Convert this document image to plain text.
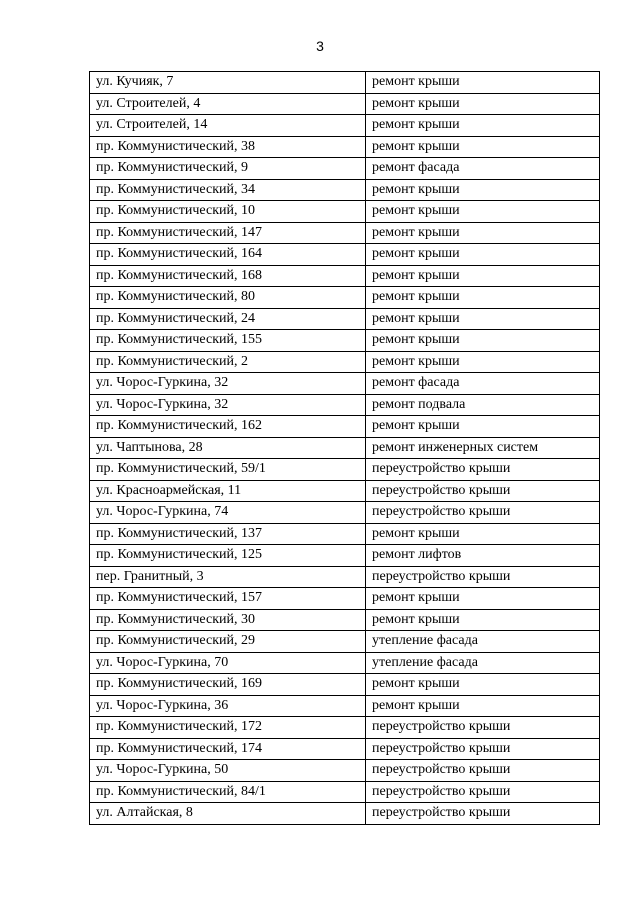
3
ул. Кучияк, 7	ремонт крыши
ул. Строителей, 4	ремонт крыши
ул. Строителей, 14	ремонт крыши
пр. Коммунистический, 38	ремонт крыши
пр. Коммунистический, 9	ремонт фасада
пр. Коммунистический, 34	ремонт крыши
пр. Коммунистический, 10	ремонт крыши
пр. Коммунистический, 147	ремонт крыши
пр. Коммунистический, 164	ремонт крыши
пр. Коммунистический, 168	ремонт крыши
пр. Коммунистический, 80	ремонт крыши
пр. Коммунистический, 24	ремонт крыши
пр. Коммунистический, 155	ремонт крыши
пр. Коммунистический, 2	ремонт крыши
ул. Чорос-Гуркина, 32	ремонт фасада
ул. Чорос-Гуркина, 32	ремонт подвала
пр. Коммунистический, 162	ремонт крыши
ул. Чаптынова, 28	ремонт инженерных систем
пр. Коммунистический, 59/1	переустройство крыши
ул. Красноармейская, 11	переустройство крыши
ул. Чорос-Гуркина, 74	переустройство крыши
пр. Коммунистический, 137	ремонт крыши
пр. Коммунистический, 125	ремонт лифтов
пер. Гранитный, 3	переустройство крыши
пр. Коммунистический, 157	ремонт крыши
пр. Коммунистический, 30	ремонт крыши
пр. Коммунистический, 29	утепление фасада
ул. Чорос-Гуркина, 70	утепление фасада
пр. Коммунистический, 169	ремонт крыши
ул. Чорос-Гуркина, 36	ремонт крыши
пр. Коммунистический, 172	переустройство крыши
пр. Коммунистический, 174	переустройство крыши
ул. Чорос-Гуркина, 50	переустройство крыши
пр. Коммунистический, 84/1	переустройство крыши
ул. Алтайская, 8	переустройство крыши
